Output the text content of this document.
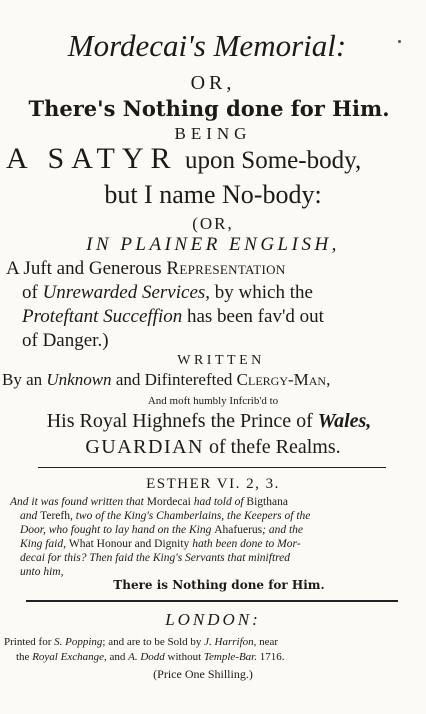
Mordecai's Memorial:
OR,
There's Nothing done for Him.
BEING
A SATYR upon Some-body,
but I name No-body:
(OR,
IN PLAINER ENGLISH,
A Juft and Generous Representation
of Unrewarded Services, by which the
Proteftant Succeffion has been fav'd out
of Danger.)
WRITTEN
By an Unknown and Difinterefted Clergy-Man,
And moft humbly Infcrib'd to
His Royal Highnefs the Prince of Wales,
GUARDIAN of thefe Realms.
ESTHER VI. 2, 3.
And it was found written that Mordecai had told of Bigthana
and Terefh, two of the King's Chamberlains, the Keepers of the
Door, who fought to lay hand on the King Ahafuerus; and the
King faid, What Honour and Dignity hath been done to Mor-
decai for this? Then faid the King's Servants that miniftred
unto him,
There is Nothing done for Him.
LONDON:
Printed for S. Popping; and are to be Sold by J. Harrifon, near
the Royal Exchange, and A. Dodd without Temple-Bar. 1716.
(Price One Shilling.)
